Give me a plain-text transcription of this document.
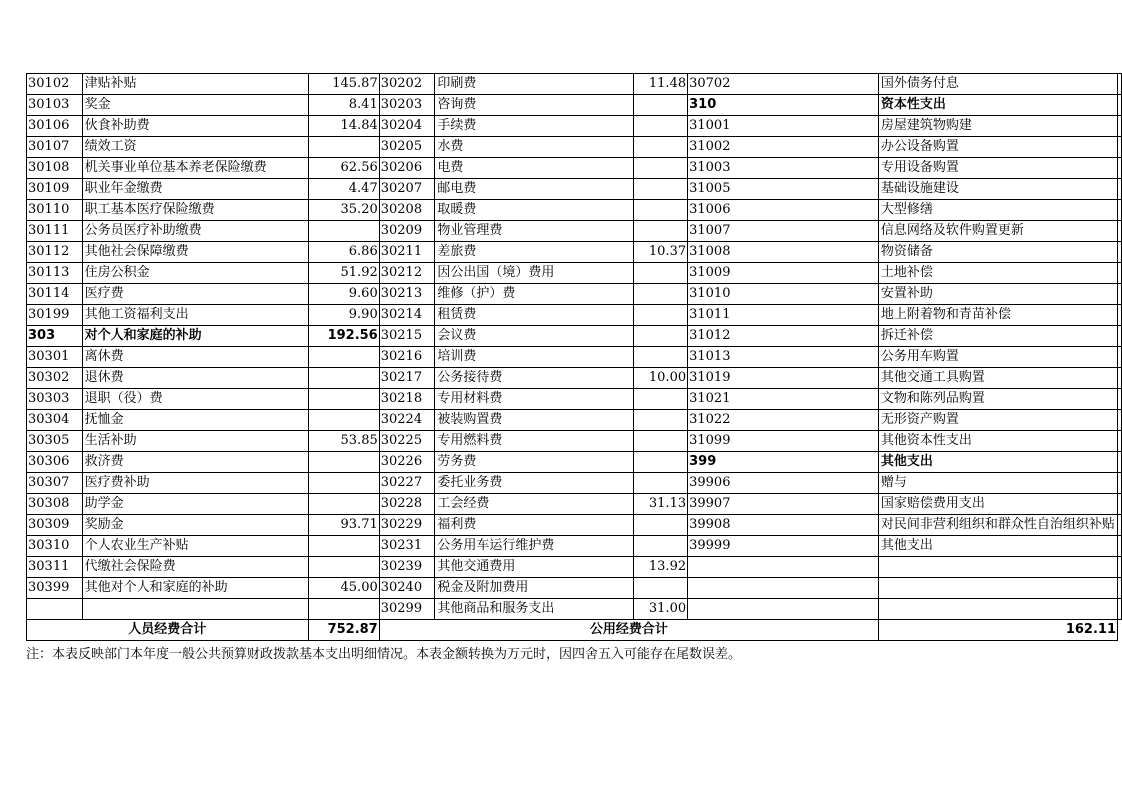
30102	津贴补贴	145.87	30202	印刷费	11.48	30702	国外债务付息	
30103	奖金	8.41	30203	咨询费		310	资本性支出	
30106	伙食补助费	14.84	30204	手续费		31001	房屋建筑物购建	
30107	绩效工资		30205	水费		31002	办公设备购置	
30108	机关事业单位基本养老保险缴费	62.56	30206	电费		31003	专用设备购置	
30109	职业年金缴费	4.47	30207	邮电费		31005	基础设施建设	
30110	职工基本医疗保险缴费	35.20	30208	取暖费		31006	大型修缮	
30111	公务员医疗补助缴费		30209	物业管理费		31007	信息网络及软件购置更新	
30112	其他社会保障缴费	6.86	30211	差旅费	10.37	31008	物资储备	
30113	住房公积金	51.92	30212	因公出国（境）费用		31009	土地补偿	
30114	医疗费	9.60	30213	维修（护）费		31010	安置补助	
30199	其他工资福利支出	9.90	30214	租赁费		31011	地上附着物和青苗补偿	
303	对个人和家庭的补助	192.56	30215	会议费		31012	拆迁补偿	
30301	离休费		30216	培训费		31013	公务用车购置	
30302	退休费		30217	公务接待费	10.00	31019	其他交通工具购置	
30303	退职（役）费		30218	专用材料费		31021	文物和陈列品购置	
30304	抚恤金		30224	被装购置费		31022	无形资产购置	
30305	生活补助	53.85	30225	专用燃料费		31099	其他资本性支出	
30306	救济费		30226	劳务费		399	其他支出	
30307	医疗费补助		30227	委托业务费		39906	赠与	
30308	助学金		30228	工会经费	31.13	39907	国家赔偿费用支出	
30309	奖励金	93.71	30229	福利费		39908	对民间非营利组织和群众性自治组织补贴	
30310	个人农业生产补贴		30231	公务用车运行维护费		39999	其他支出	
30311	代缴社会保险费		30239	其他交通费用	13.92			
30399	其他对个人和家庭的补助	45.00	30240	税金及附加费用				
			30299	其他商品和服务支出	31.00			
人员经费合计		752.87	公用经费合计				162.11	
注：本表反映部门本年度一般公共预算财政拨款基本支出明细情况。本表金额转换为万元时，因四舍五入可能存在尾数误差。
